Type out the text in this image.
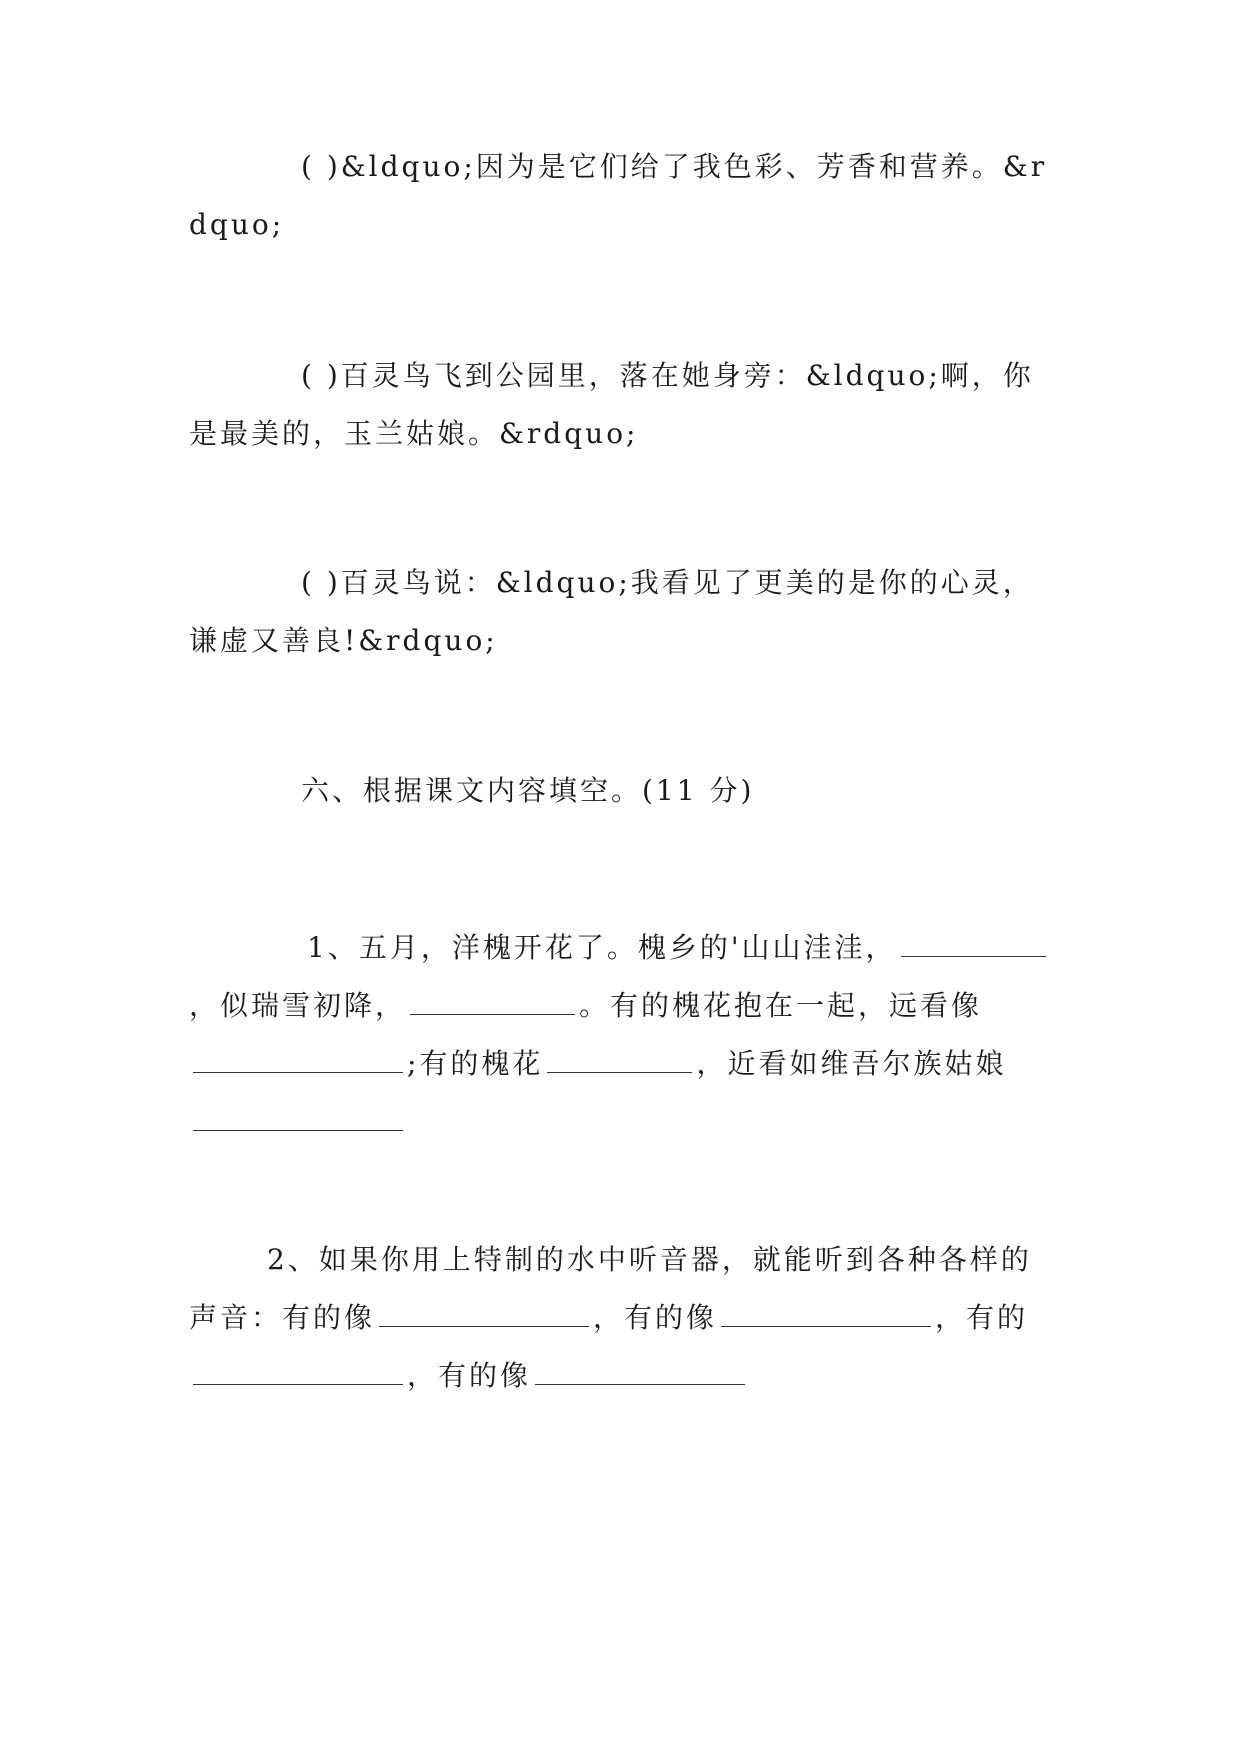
( )&ldquo;因为是它们给了我色彩、芳香和营养。&rdquo;

( )百灵鸟飞到公园里，落在她身旁：&ldquo;啊，你是最美的，玉兰姑娘。&rdquo;

( )百灵鸟说：&ldquo;我看见了更美的是你的心灵，谦虚又善良!&rdquo;

六、根据课文内容填空。(11 分)

1、五月，洋槐开花了。槐乡的'山山洼洼，，似瑞雪初降，	。有的槐花抱在一起，远看像;有的槐花	，近看如维吾尔族姑娘

2、如果你用上特制的水中听音器，就能听到各种各样的声音：有的像	，有的像	，有的，有的像
